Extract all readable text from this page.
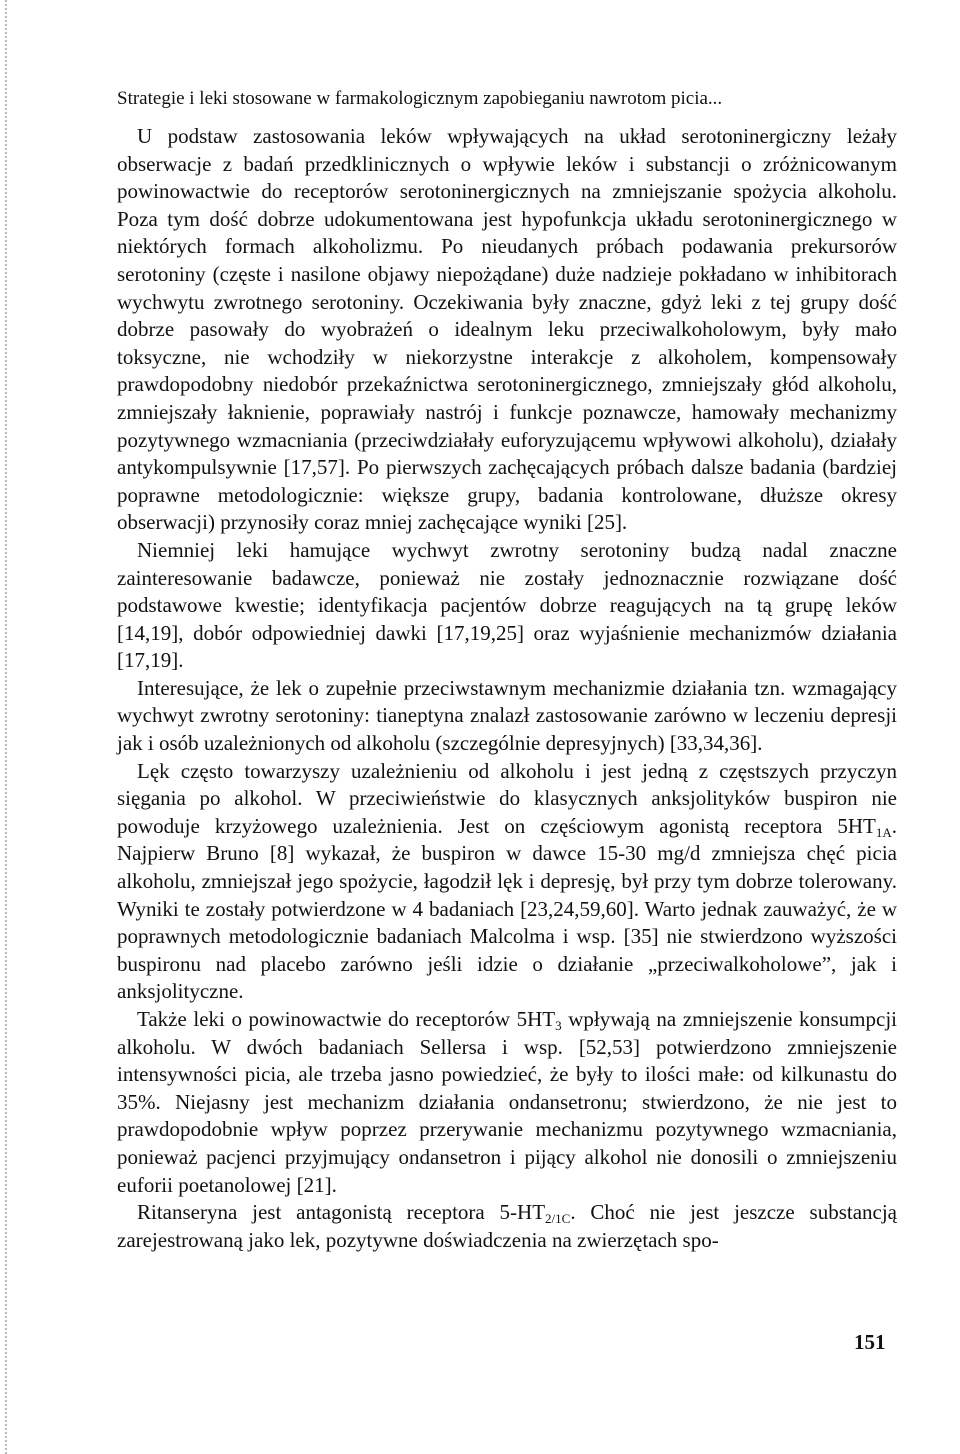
Strategie i leki stosowane w farmakologicznym zapobieganiu nawrotom picia...

U podstaw zastosowania leków wpływających na układ serotoninergiczny leżały obserwacje z badań przedklinicznych o wpływie leków i substancji o zróżnicowanym powinowactwie do receptorów serotoninergicznych na zmniejszanie spożycia alkoholu. Poza tym dość dobrze udokumentowana jest hypofunkcja układu serotoninergicznego w niektórych formach alkoholizmu. Po nieudanych próbach podawania prekursorów serotoniny (częste i nasilone objawy niepożądane) duże nadzieje pokładano w inhibitorach wychwytu zwrotnego serotoniny. Oczekiwania były znaczne, gdyż leki z tej grupy dość dobrze pasowały do wyobrażeń o idealnym leku przeciwalkoholowym, były mało toksyczne, nie wchodziły w niekorzystne interakcje z alkoholem, kompensowały prawdopodobny niedobór przekaźnictwa serotoninergicznego, zmniejszały głód alkoholu, zmniejszały łaknienie, poprawiały nastrój i funkcje poznawcze, hamowały mechanizmy pozytywnego wzmacniania (przeciwdziałały euforyzującemu wpływowi alkoholu), działały antykompulsywnie [17,57]. Po pierwszych zachęcających próbach dalsze badania (bardziej poprawne metodologicznie: większe grupy, badania kontrolowane, dłuższe okresy obserwacji) przynosiły coraz mniej zachęcające wyniki [25].

Niemniej leki hamujące wychwyt zwrotny serotoniny budzą nadal znaczne zainteresowanie badawcze, ponieważ nie zostały jednoznacznie rozwiązane dość podstawowe kwestie; identyfikacja pacjentów dobrze reagujących na tą grupę leków [14,19], dobór odpowiedniej dawki [17,19,25] oraz wyjaśnienie mechanizmów działania [17,19].

Interesujące, że lek o zupełnie przeciwstawnym mechanizmie działania tzn. wzmagający wychwyt zwrotny serotoniny: tianeptyna znalazł zastosowanie zarówno w leczeniu depresji jak i osób uzależnionych od alkoholu (szczególnie depresyjnych) [33,34,36].

Lęk często towarzyszy uzależnieniu od alkoholu i jest jedną z częstszych przyczyn sięgania po alkohol. W przeciwieństwie do klasycznych anksjolityków buspiron nie powoduje krzyżowego uzależnienia. Jest on częściowym agonistą receptora $5HT_{1A}$. Najpierw Bruno [8] wykazał, że buspiron w dawce 15-30 mg/d zmniejsza chęć picia alkoholu, zmniejszał jego spożycie, łagodził lęk i depresję, był przy tym dobrze tolerowany. Wyniki te zostały potwierdzone w 4 badaniach [23,24,59,60]. Warto jednak zauważyć, że w poprawnych metodologicznie badaniach Malcolma i wsp. [35] nie stwierdzono wyższości buspironu nad placebo zarówno jeśli idzie o działanie „przeciwalkoholowe”, jak i anksjolityczne.

Także leki o powinowactwie do receptorów $5HT_3$ wpływają na zmniejszenie konsumpcji alkoholu. W dwóch badaniach Sellersa i wsp. [52,53] potwierdzono zmniejszenie intensywności picia, ale trzeba jasno powiedzieć, że były to ilości małe: od kilkunastu do 35%. Niejasny jest mechanizm działania ondansetronu; stwierdzono, że nie jest to prawdopodobnie wpływ poprzez przerywanie mechanizmu pozytywnego wzmacniania, ponieważ pacjenci przyjmujący ondansetron i pijący alkohol nie donosili o zmniejszeniu euforii poetanolowej [21].

Ritanseryna jest antagonistą receptora $5-HT_{2/1C}$. Choć nie jest jeszcze substancją zarejestrowaną jako lek, pozytywne doświadczenia na zwierzętach spo-

151
